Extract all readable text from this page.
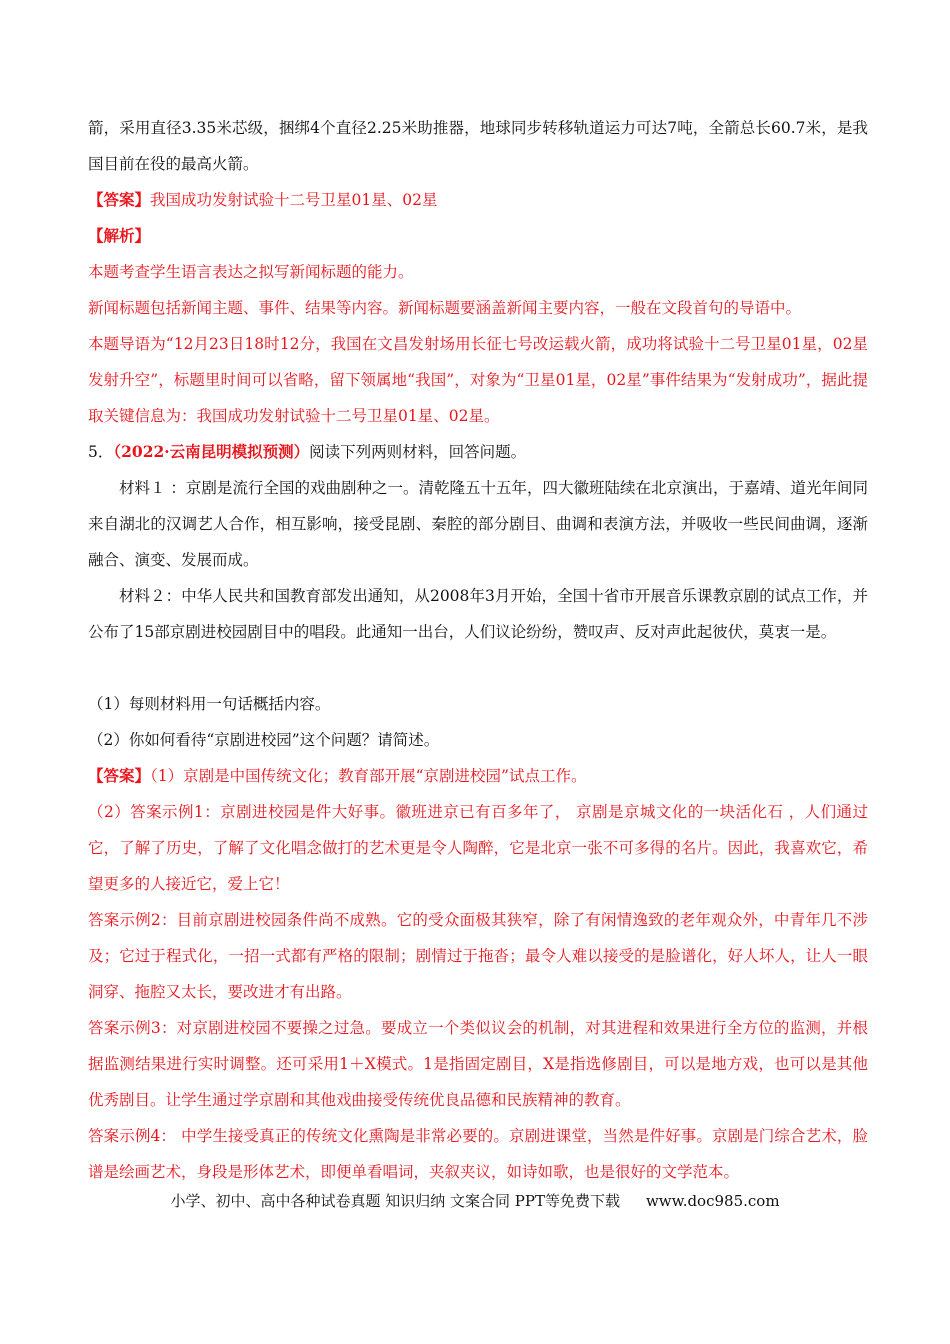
箭，采用直径3.35米芯级，捆绑4个直径2.25米助推器，地球同步转移轨道运力可达7吨，全箭总长60.7米，是我国目前在役的最高火箭。

【答案】我国成功发射试验十二号卫星01星、02星

【解析】

本题考查学生语言表达之拟写新闻标题的能力。

新闻标题包括新闻主题、事件、结果等内容。新闻标题要涵盖新闻主要内容，一般在文段首句的导语中。

本题导语为“12月23日18时12分，我国在文昌发射场用长征七号改运载火箭，成功将试验十二号卫星01星，02星发射升空”，标题里时间可以省略，留下领属地“我国”，对象为“卫星01星，02星”事件结果为“发射成功”，据此提取关键信息为：我国成功发射试验十二号卫星01星、02星。

5．（2022·云南昆明模拟预测）阅读下列两则材料，回答问题。

材料１ ：京剧是流行全国的戏曲剧种之一。清乾隆五十五年，四大徽班陆续在北京演出，于嘉靖、道光年间同来自湖北的汉调艺人合作，相互影响，接受昆剧、秦腔的部分剧目、曲调和表演方法，并吸收一些民间曲调，逐渐融合、演变、发展而成。

材料２：中华人民共和国教育部发出通知，从2008年3月开始，全国十省市开展音乐课教京剧的试点工作，并公布了15部京剧进校园剧目中的唱段。此通知一出台，人们议论纷纷，赞叹声、反对声此起彼伏，莫衷一是。

（1）每则材料用一句话概括内容。

（2）你如何看待“京剧进校园”这个问题？请简述。

【答案】（1）京剧是中国传统文化；教育部开展“京剧进校园”试点工作。

（2）答案示例1：京剧进校园是件大好事。徽班进京已有百多年了， 京剧是京城文化的一块活化石 ，人们通过它，了解了历史，了解了文化唱念做打的艺术更是令人陶醉，它是北京一张不可多得的名片。因此，我喜欢它，希望更多的人接近它，爱上它！

答案示例2：目前京剧进校园条件尚不成熟。它的受众面极其狭窄，除了有闲情逸致的老年观众外，中青年几不涉及；它过于程式化，一招一式都有严格的限制；剧情过于拖沓；最令人难以接受的是脸谱化，好人坏人，让人一眼洞穿、拖腔又太长，要改进才有出路。

答案示例3：对京剧进校园不要操之过急。要成立一个类似议会的机制，对其进程和效果进行全方位的监测，并根据监测结果进行实时调整。还可采用1＋X模式。1是指固定剧目，X是指选修剧目，可以是地方戏，也可以是其他优秀剧目。让学生通过学京剧和其他戏曲接受传统优良品德和民族精神的教育。

答案示例4： 中学生接受真正的传统文化熏陶是非常必要的。京剧进课堂，当然是件好事。京剧是门综合艺术，脸谱是绘画艺术，身段是形体艺术，即便单看唱词，夹叙夹议，如诗如歌，也是很好的文学范本。

小学、初中、高中各种试卷真题 知识归纳 文案合同 PPT等免费下载 www.doc985.com
